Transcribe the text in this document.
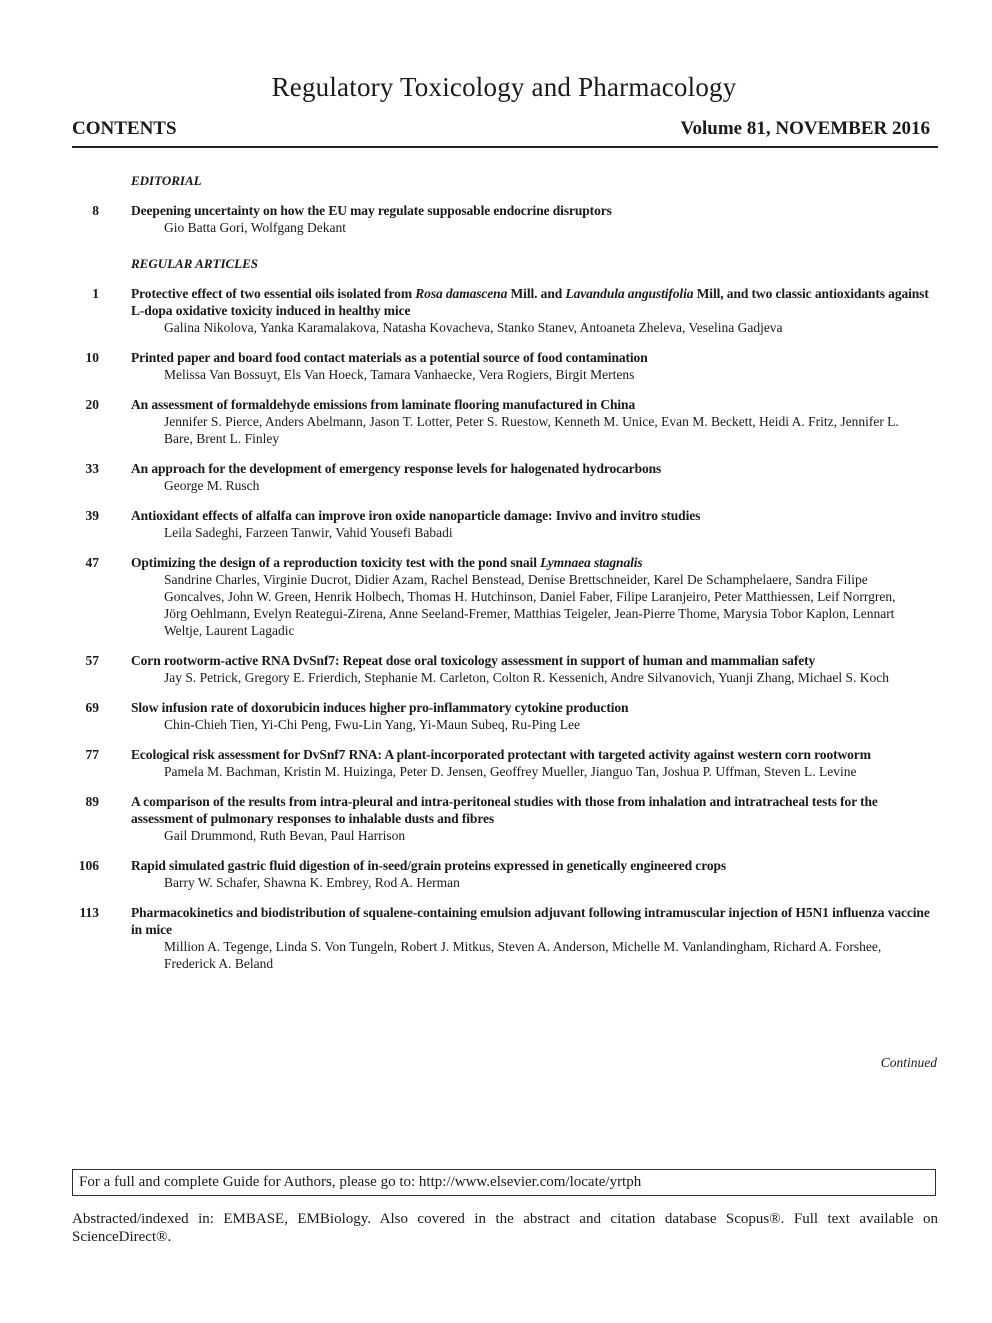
Regulatory Toxicology and Pharmacology
CONTENTS	Volume 81, NOVEMBER 2016
EDITORIAL
8 Deepening uncertainty on how the EU may regulate supposable endocrine disruptors
Gio Batta Gori, Wolfgang Dekant
REGULAR ARTICLES
1 Protective effect of two essential oils isolated from Rosa damascena Mill. and Lavandula angustifolia Mill, and two classic antioxidants against L-dopa oxidative toxicity induced in healthy mice
Galina Nikolova, Yanka Karamalakova, Natasha Kovacheva, Stanko Stanev, Antoaneta Zheleva, Veselina Gadjeva
10 Printed paper and board food contact materials as a potential source of food contamination
Melissa Van Bossuyt, Els Van Hoeck, Tamara Vanhaecke, Vera Rogiers, Birgit Mertens
20 An assessment of formaldehyde emissions from laminate flooring manufactured in China
Jennifer S. Pierce, Anders Abelmann, Jason T. Lotter, Peter S. Ruestow, Kenneth M. Unice, Evan M. Beckett, Heidi A. Fritz, Jennifer L. Bare, Brent L. Finley
33 An approach for the development of emergency response levels for halogenated hydrocarbons
George M. Rusch
39 Antioxidant effects of alfalfa can improve iron oxide nanoparticle damage: Invivo and invitro studies
Leila Sadeghi, Farzeen Tanwir, Vahid Yousefi Babadi
47 Optimizing the design of a reproduction toxicity test with the pond snail Lymnaea stagnalis
Sandrine Charles, Virginie Ducrot, Didier Azam, Rachel Benstead, Denise Brettschneider, Karel De Schamphelaere, Sandra Filipe Goncalves, John W. Green, Henrik Holbech, Thomas H. Hutchinson, Daniel Faber, Filipe Laranjeiro, Peter Matthiessen, Leif Norrgren, Jörg Oehlmann, Evelyn Reategui-Zirena, Anne Seeland-Fremer, Matthias Teigeler, Jean-Pierre Thome, Marysia Tobor Kaplon, Lennart Weltje, Laurent Lagadic
57 Corn rootworm-active RNA DvSnf7: Repeat dose oral toxicology assessment in support of human and mammalian safety
Jay S. Petrick, Gregory E. Frierdich, Stephanie M. Carleton, Colton R. Kessenich, Andre Silvanovich, Yuanji Zhang, Michael S. Koch
69 Slow infusion rate of doxorubicin induces higher pro-inflammatory cytokine production
Chin-Chieh Tien, Yi-Chi Peng, Fwu-Lin Yang, Yi-Maun Subeq, Ru-Ping Lee
77 Ecological risk assessment for DvSnf7 RNA: A plant-incorporated protectant with targeted activity against western corn rootworm
Pamela M. Bachman, Kristin M. Huizinga, Peter D. Jensen, Geoffrey Mueller, Jianguo Tan, Joshua P. Uffman, Steven L. Levine
89 A comparison of the results from intra-pleural and intra-peritoneal studies with those from inhalation and intratracheal tests for the assessment of pulmonary responses to inhalable dusts and fibres
Gail Drummond, Ruth Bevan, Paul Harrison
106 Rapid simulated gastric fluid digestion of in-seed/grain proteins expressed in genetically engineered crops
Barry W. Schafer, Shawna K. Embrey, Rod A. Herman
113 Pharmacokinetics and biodistribution of squalene-containing emulsion adjuvant following intramuscular injection of H5N1 influenza vaccine in mice
Million A. Tegenge, Linda S. Von Tungeln, Robert J. Mitkus, Steven A. Anderson, Michelle M. Vanlandingham, Richard A. Forshee, Frederick A. Beland
Continued
For a full and complete Guide for Authors, please go to: http://www.elsevier.com/locate/yrtph
Abstracted/indexed in: EMBASE, EMBiology. Also covered in the abstract and citation database Scopus®. Full text available on ScienceDirect®.
